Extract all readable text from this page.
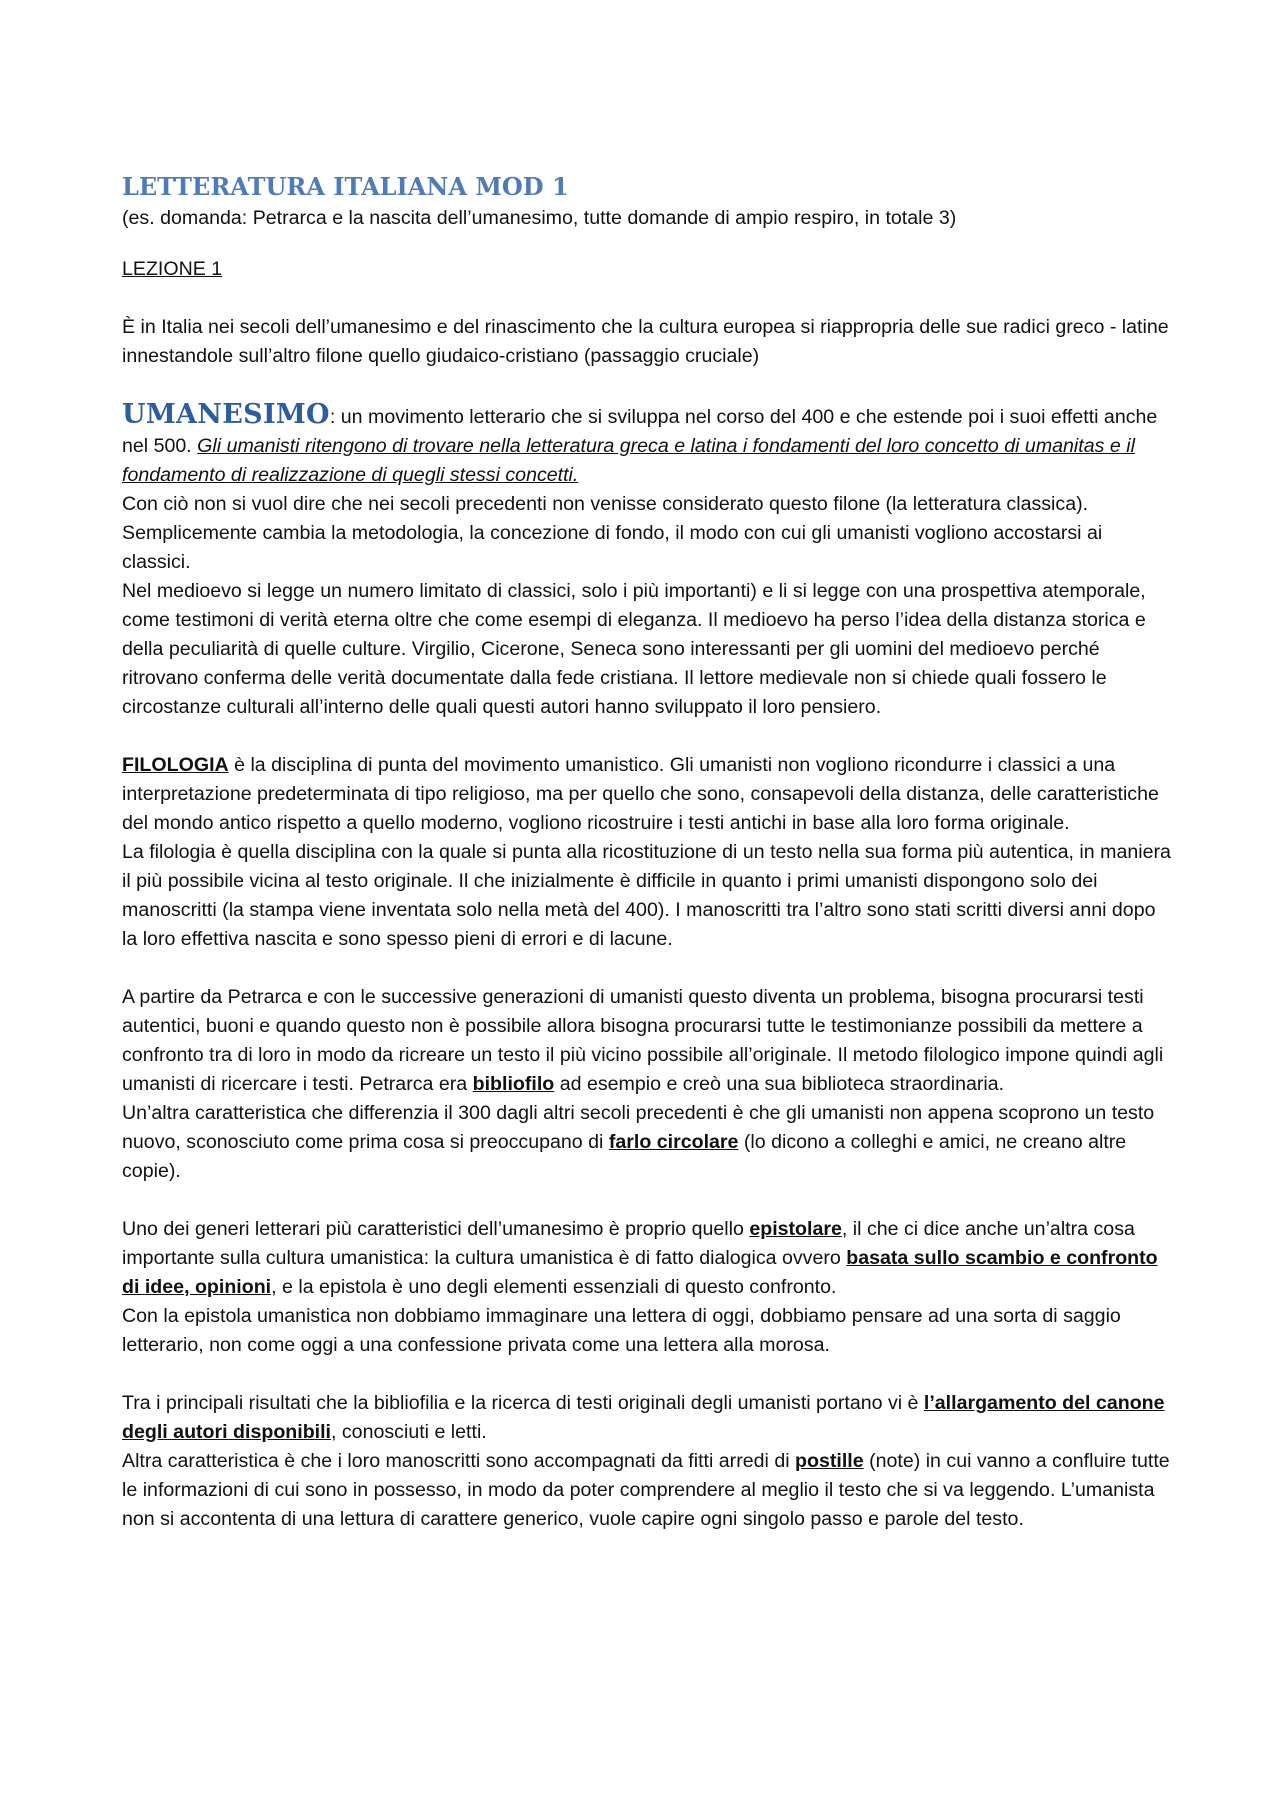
LETTERATURA ITALIANA MOD 1

(es. domanda: Petrarca e la nascita dell’umanesimo, tutte domande di ampio respiro, in totale 3)

LEZIONE 1

È in Italia nei secoli dell’umanesimo e del rinascimento che la cultura europea si riappropria delle sue radici greco - latine innestandole sull’altro filone quello giudaico-cristiano (passaggio cruciale)

UMANESIMO: un movimento letterario che si sviluppa nel corso del 400 e che estende poi i suoi effetti anche nel 500. Gli umanisti ritengono di trovare nella letteratura greca e latina i fondamenti del loro concetto di umanitas e il fondamento di realizzazione di quegli stessi concetti.

Con ciò non si vuol dire che nei secoli precedenti non venisse considerato questo filone (la letteratura classica). Semplicemente cambia la metodologia, la concezione di fondo, il modo con cui gli umanisti vogliono accostarsi ai classici.

Nel medioevo si legge un numero limitato di classici, solo i più importanti) e li si legge con una prospettiva atemporale, come testimoni di verità eterna oltre che come esempi di eleganza. Il medioevo ha perso l’idea della distanza storica e della peculiarità di quelle culture. Virgilio, Cicerone, Seneca sono interessanti per gli uomini del medioevo perché ritrovano conferma delle verità documentate dalla fede cristiana. Il lettore medievale non si chiede quali fossero le circostanze culturali all’interno delle quali questi autori hanno sviluppato il loro pensiero.

FILOLOGIA è la disciplina di punta del movimento umanistico. Gli umanisti non vogliono ricondurre i classici a una interpretazione predeterminata di tipo religioso, ma per quello che sono, consapevoli della distanza, delle caratteristiche del mondo antico rispetto a quello moderno, vogliono ricostruire i testi antichi in base alla loro forma originale.

La filologia è quella disciplina con la quale si punta alla ricostituzione di un testo nella sua forma più autentica, in maniera il più possibile vicina al testo originale. Il che inizialmente è difficile in quanto i primi umanisti dispongono solo dei manoscritti (la stampa viene inventata solo nella metà del 400). I manoscritti tra l’altro sono stati scritti diversi anni dopo la loro effettiva nascita e sono spesso pieni di errori e di lacune.

A partire da Petrarca e con le successive generazioni di umanisti questo diventa un problema, bisogna procurarsi testi autentici, buoni e quando questo non è possibile allora bisogna procurarsi tutte le testimonianze possibili da mettere a confronto tra di loro in modo da ricreare un testo il più vicino possibile all’originale. Il metodo filologico impone quindi agli umanisti di ricercare i testi. Petrarca era bibliofilo ad esempio e creò una sua biblioteca straordinaria.

Un’altra caratteristica che differenzia il 300 dagli altri secoli precedenti è che gli umanisti non appena scoprono un testo nuovo, sconosciuto come prima cosa si preoccupano di farlo circolare (lo dicono a colleghi e amici, ne creano altre copie).

Uno dei generi letterari più caratteristici dell’umanesimo è proprio quello epistolare, il che ci dice anche un’altra cosa importante sulla cultura umanistica: la cultura umanistica è di fatto dialogica ovvero basata sullo scambio e confronto di idee, opinioni, e la epistola è uno degli elementi essenziali di questo confronto.

Con la epistola umanistica non dobbiamo immaginare una lettera di oggi, dobbiamo pensare ad una sorta di saggio letterario, non come oggi a una confessione privata come una lettera alla morosa.

Tra i principali risultati che la bibliofilia e la ricerca di testi originali degli umanisti portano vi è l’allargamento del canone degli autori disponibili, conosciuti e letti.

Altra caratteristica è che i loro manoscritti sono accompagnati da fitti arredi di postille (note) in cui vanno a confluire tutte le informazioni di cui sono in possesso, in modo da poter comprendere al meglio il testo che si va leggendo. L’umanista non si accontenta di una lettura di carattere generico, vuole capire ogni singolo passo e parole del testo.
